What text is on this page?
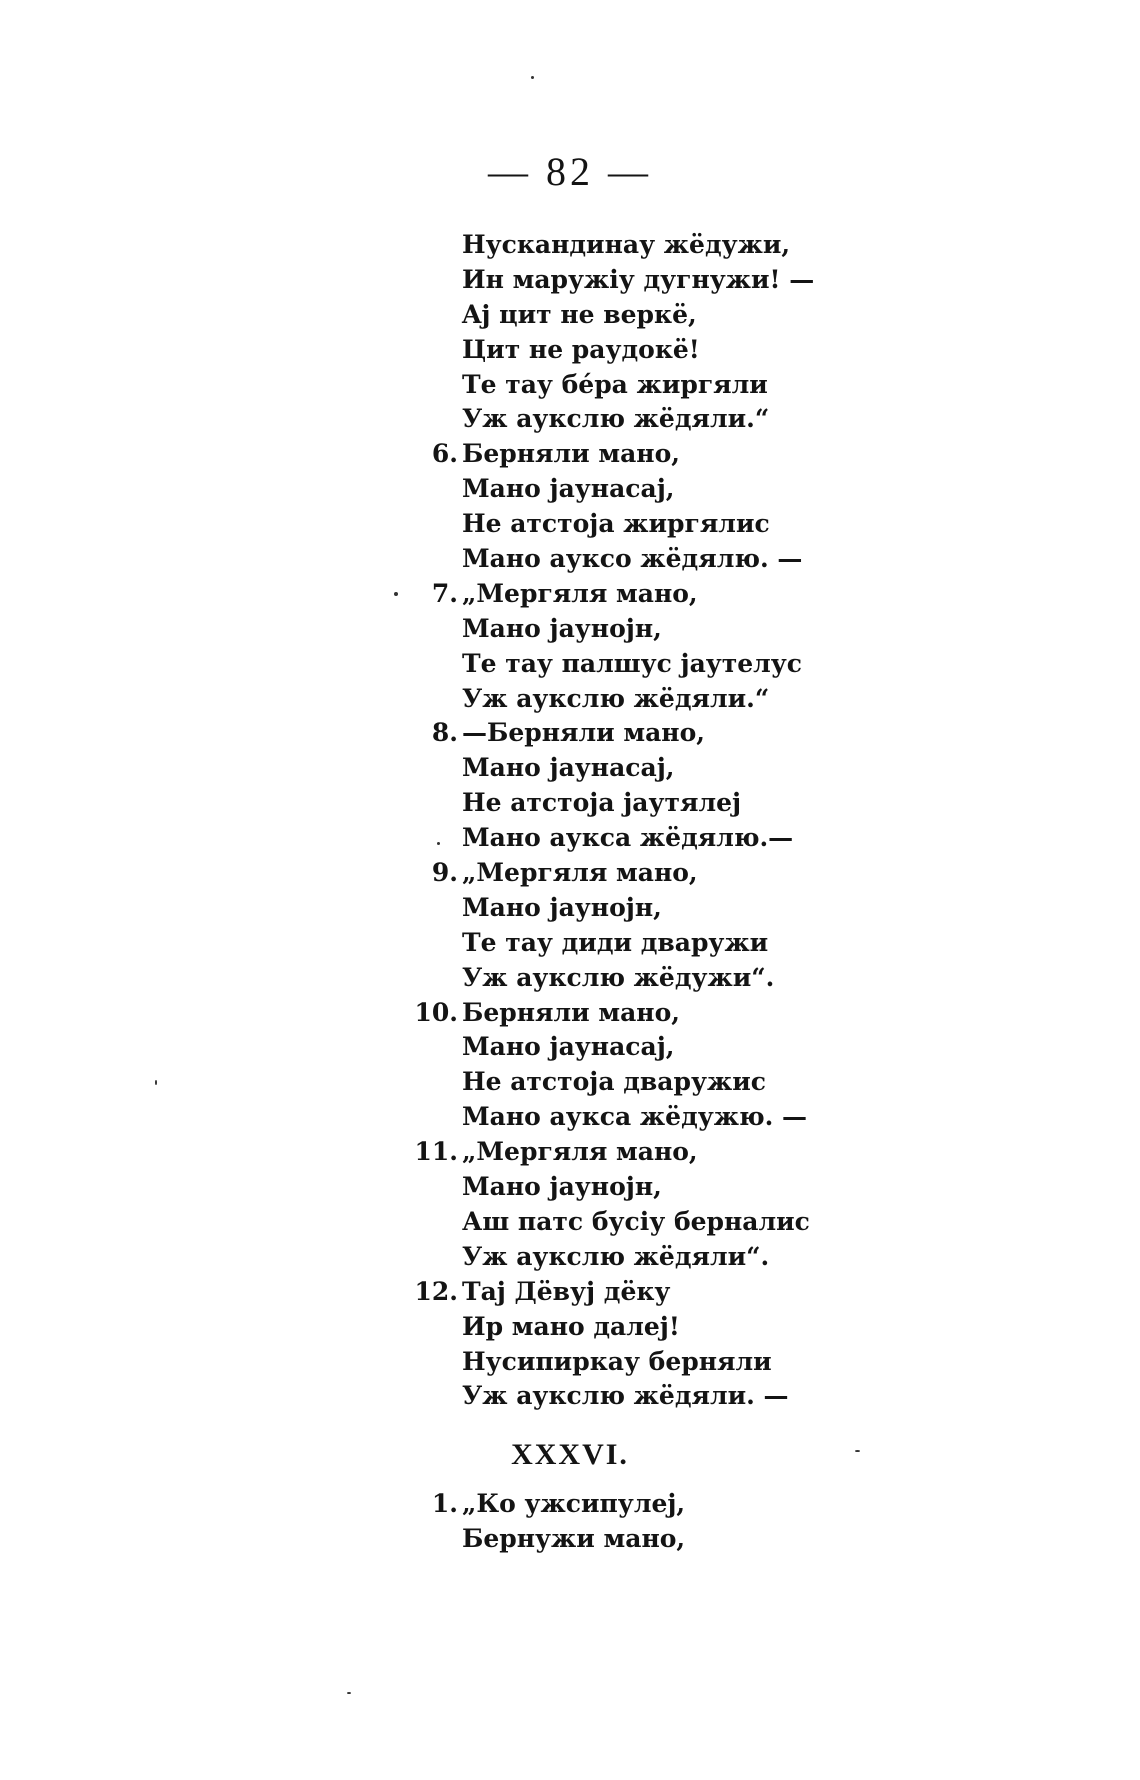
— 82 —
Нускандинау жёдужи,
Ин маружіу дугнужи! —
Aj цит не веркё,
Цит не раудокё!
Те тау бéра жиргяли
Уж аукслю жёдяли.“
6. Берняли мано,
Мано јаунасај,
Не атстоја жиргялис
Мано ауксо жёдялю. —
7. „Мергяля мано,
Мано јаунојн,
Те тау палшус јаутелус
Уж аукслю жёдяли.“
8. —Берняли мано,
Мано јаунасај,
Не атстоја јаутялеј
Мано аукса жёдялю.—
9. „Мергяля мано,
Мано јаунојн,
Те тау диди дваружи
Уж аукслю жёдужи“.
10. Берняли мано,
Мано јаунасај,
Не атстоја дваружис
Мано аукса жёдужю. —
11. „Мергяля мано,
Мано јаунојн,
Аш патс бусіу берналис
Уж аукслю жёдяли“.
12. Тај Дёвуј дёку
Ир мано далеј!
Нусипиркау берняли
Уж аукслю жёдяли. —
XXXVI.
1. „Ко ужсипулеј,
Бернужи мано,
